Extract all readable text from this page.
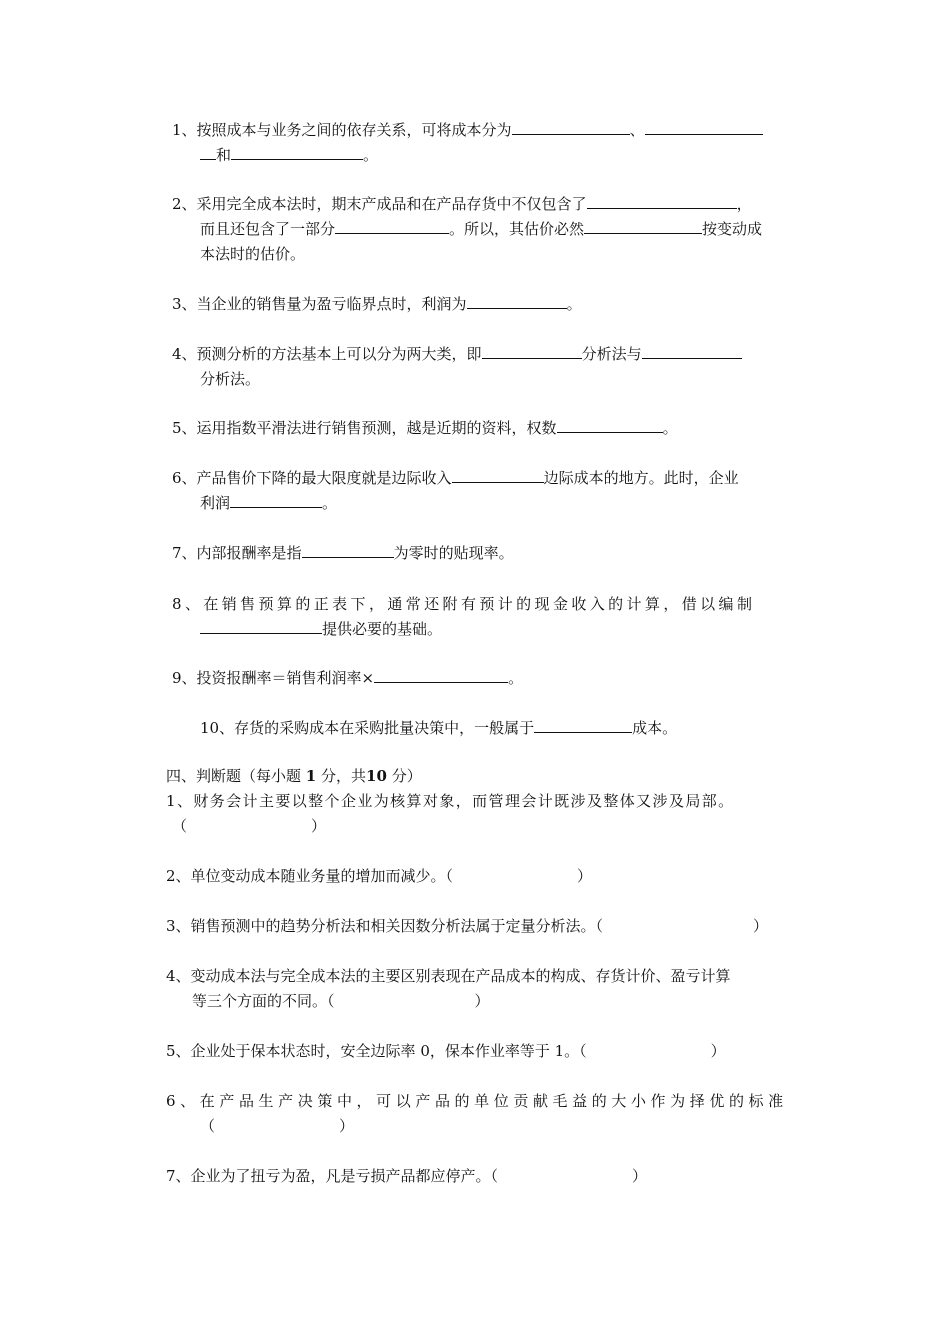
1、按照成本与业务之间的依存关系，可将成本分为	、
和	。
2、采用完全成本法时，期末产成品和在产品存货中不仅包含了	，
而且还包含了一部分	。所以，其估价必然	按变动成
本法时的估价。
3、当企业的销售量为盈亏临界点时，利润为	。
4、预测分析的方法基本上可以分为两大类，即	分析法与
分析法。
5、运用指数平滑法进行销售预测，越是近期的资料，权数	。
6、产品售价下降的最大限度就是边际收入	边际成本的地方。此时，企业
利润	。
7、内部报酬率是指	为零时的贴现率。
8、在销售预算的正表下，通常还附有预计的现金收入的计算，借以编制
提供必要的基础。
9、投资报酬率＝销售利润率×	。
10、存货的采购成本在采购批量决策中，一般属于	成本。
四、判断题（每小题 1 分，共10 分）
1、财务会计主要以整个企业为核算对象，而管理会计既涉及整体又涉及局部。
（	）
2、单位变动成本随业务量的增加而减少。（	）
3、销售预测中的趋势分析法和相关因数分析法属于定量分析法。（	）
4、变动成本法与完全成本法的主要区别表现在产品成本的构成、存货计价、盈亏计算
等三个方面的不同。（	）
5、企业处于保本状态时，安全边际率 0，保本作业率等于 1。（	）
6、在产品生产决策中，可以产品的单位贡献毛益的大小作为择优的标准
（	）
7、企业为了扭亏为盈，凡是亏损产品都应停产。（	）
